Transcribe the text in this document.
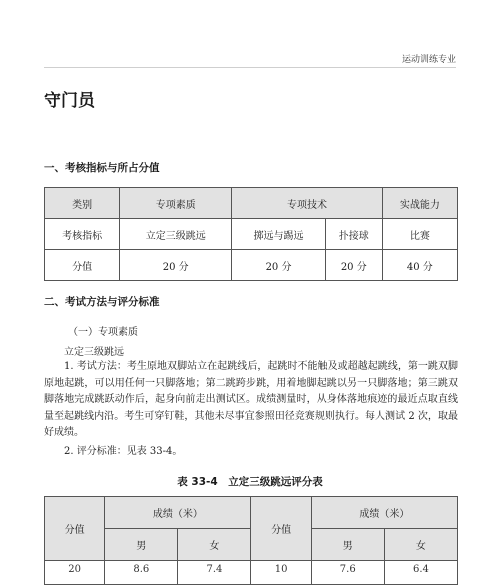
运动训练专业
守门员
一、考核指标与所占分值
类别	专项素质	专项技术		实战能力
考核指标	立定三级跳远	掷远与踢远	扑接球	比赛
分值	20 分	20 分	20 分	40 分
二、考试方法与评分标准
（一）专项素质
立定三级跳远
1. 考试方法：考生原地双脚站立在起跳线后，起跳时不能触及或超越起跳线，第一跳双脚原地起跳，可以用任何一只脚落地；第二跳跨步跳，用着地脚起跳以另一只脚落地；第三跳双脚落地完成跳跃动作后，起身向前走出测试区。成绩测量时，从身体落地痕迹的最近点取直线量至起跳线内沿。考生可穿钉鞋，其他未尽事宜参照田径竞赛规则执行。每人测试 2 次，取最好成绩。
2. 评分标准：见表 33-4。
表 33-4　立定三级跳远评分表
分值	成绩（米）		分值	成绩（米）	
	男	女		男	女
20	8.6	7.4	10	7.6	6.4
